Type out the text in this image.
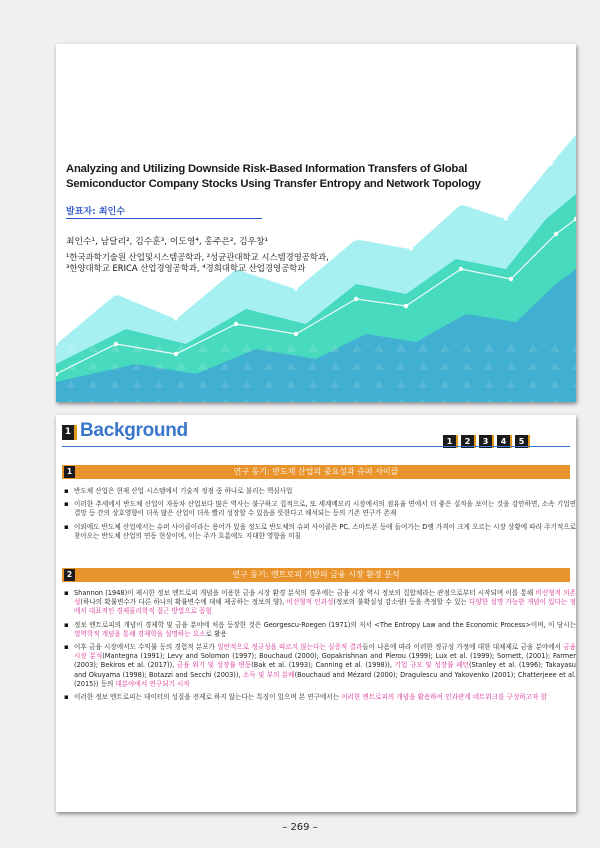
Analyzing and Utilizing Downside Risk-Based Information Transfers of Global Semiconductor Company Stocks Using Transfer Entropy and Network Topology
발표자: 최인수
최인수¹, 남달리², 김수훈³, 이도영⁴, 홍주은², 김우창¹
¹한국과학기술원 산업및시스템공학과, ²성균관대학교 시스템경영공학과,
³한양대학교 ERICA 산업경영공학과, ⁴경희대학교 산업경영공학과
1 Background
1	2	3	4	5
연구 동기: 반도체 산업의 중요성과 슈퍼 사이클
1
▪ 반도체 산업은 현재 산업 시스템에서 기술적 정점 중 하나로 불리는 핵심사업
▪ 이러한 추세에서 반도체 산업이 자동차 산업보다 많은 역사는 불구하고 집적으로, 또 세계메모리 시장에서의 점유율 면에서 더 좋은 실적을 보이는 것을 감안하면, 소속 기업연결망 등 간의 상호영향이 더욱 많은 산업이 더욱 빨리 성장할 수 있음을 뜻한다고 해석되는 등의 기존 연구가 존재
▪ 이외에도 반도체 산업에서는 슈퍼 사이클이라는 용어가 있을 정도로 반도체의 슈퍼 사이클은 PC, 스마트폰 등에 들어가는 D램 가격이 크게 오르는 시장 상황에 따라 주기적으로 찾아오는 반도체 산업의 연동 현상이며, 이는 주가 흐름에도 지대한 영향을 미침
연구 동기: 엔트로피 기반의 금융 시장 환경 분석
2
▪ Shannon (1948)이 제시한 정보 엔트로피 개념을 이용한 금융 시장 환경 분석의 경우에는 금융 시장 역시 정보의 집합체라는 관점으로부터 시작되며 이를 통해 비선형적 의존성(하나의 확률변수가 다른 하나의 확률변수에 대해 제공하는 정보의 양), 비선형적 인과성(정보의 불확실성 감소량) 등을 측정할 수 있는 다양한 설명 가능한 개념이 있다는 점에서 대표적인 경제물리학적 접근 방법으로 꼽힘
▪ 정보 엔트로피의 개념이 경제학 및 금융 분야에 처음 등장한 것은 Georgescu-Roegen (1971)의 저서 <The Entropy Law and the Economic Process>이며, 이 당시는 열역학적 개념을 통해 경제학을 설명하는 요소로 활용
▪ 이후 금융 시장에서도 수익률 등의 경험적 분포가 일반적으로 정규성을 따르지 않는다는 실증적 결과들이 나옴에 따라 이러한 정규성 가정에 대한 대체제로 금융 분야에서 금융 시장 분석(Mantegna (1991); Levy and Solomon (1997); Bouchaud (2000); Gopakrishnan and Plerou (1999); Lux et al. (1999); Sornett, (2001); Farmer (2003); Bekiros et al. (2017)), 금융 위기 및 성장률 변동(Bak et al. (1993); Canning et al. (1998)), 기업 규모 및 성장률 패턴(Stanley et al. (1996); Takayasu and Okuyama (1998); Botazzi and Secchi (2003)), 소득 및 부의 분배(Bouchaud and Mézard (2000); Dragulescu and Yakovenko (2001); Chatterjeee et al. (2015)) 등의 대분야에서 연구되기 시작
▪ 이러한 정보 엔트로피는 데이터의 성질을 전제로 하지 않는다는 특징이 있으며 본 연구에서는 이러한 엔트로피의 개념을 활용하여 인과관계 네트워크를 구성하고자 함
– 269 –
